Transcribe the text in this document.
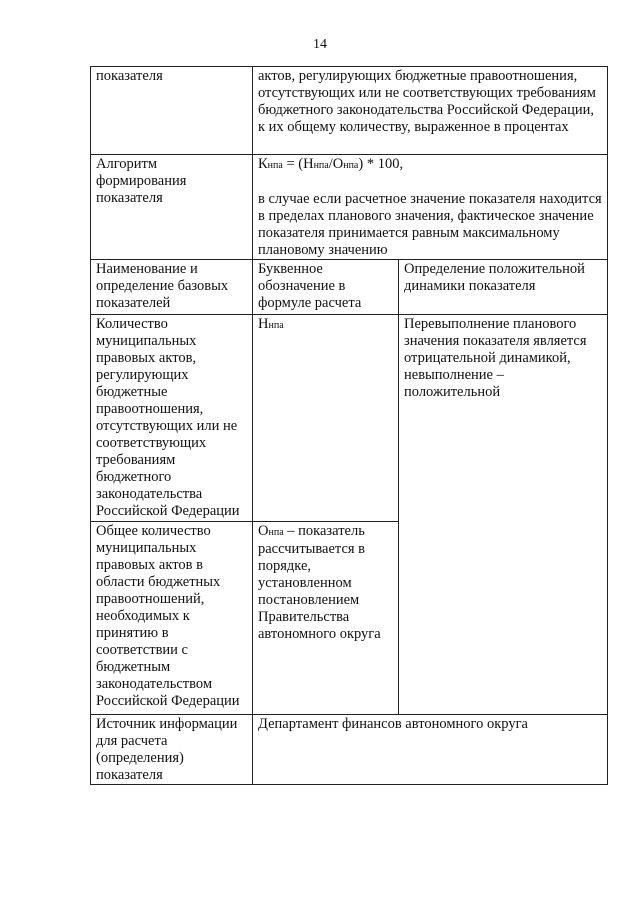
14
показателя	актов, регулирующих бюджетные правоотношения, отсутствующих или не соответствующих требованиям бюджетного законодательства Российской Федерации, к их общему количеству, выраженное в процентах	
Алгоритм формирования показателя	Кнпа = (Ннпа/Онпа) * 100,
в случае если расчетное значение показателя находится в пределах планового значения, фактическое значение показателя принимается равным максимальному плановому значению	

Наименование и определение базовых показателей	Буквенное обозначение в формуле расчета	Определение положительной динамики показателя
Количество муниципальных правовых актов, регулирующих бюджетные правоотношения, отсутствующих или не соответствующих требованиям бюджетного законодательства Российской Федерации	Ннпа	Перевыполнение планового значения показателя является отрицательной динамикой, невыполнение – положительной
Общее количество муниципальных правовых актов в области бюджетных правоотношений, необходимых к принятию в соответствии с бюджетным законодательством Российской Федерации	Онпа – показатель рассчитывается в порядке, установленном постановлением Правительства автономного округа	
Источник информации для расчета (определения) показателя	Департамент финансов автономного округа	
